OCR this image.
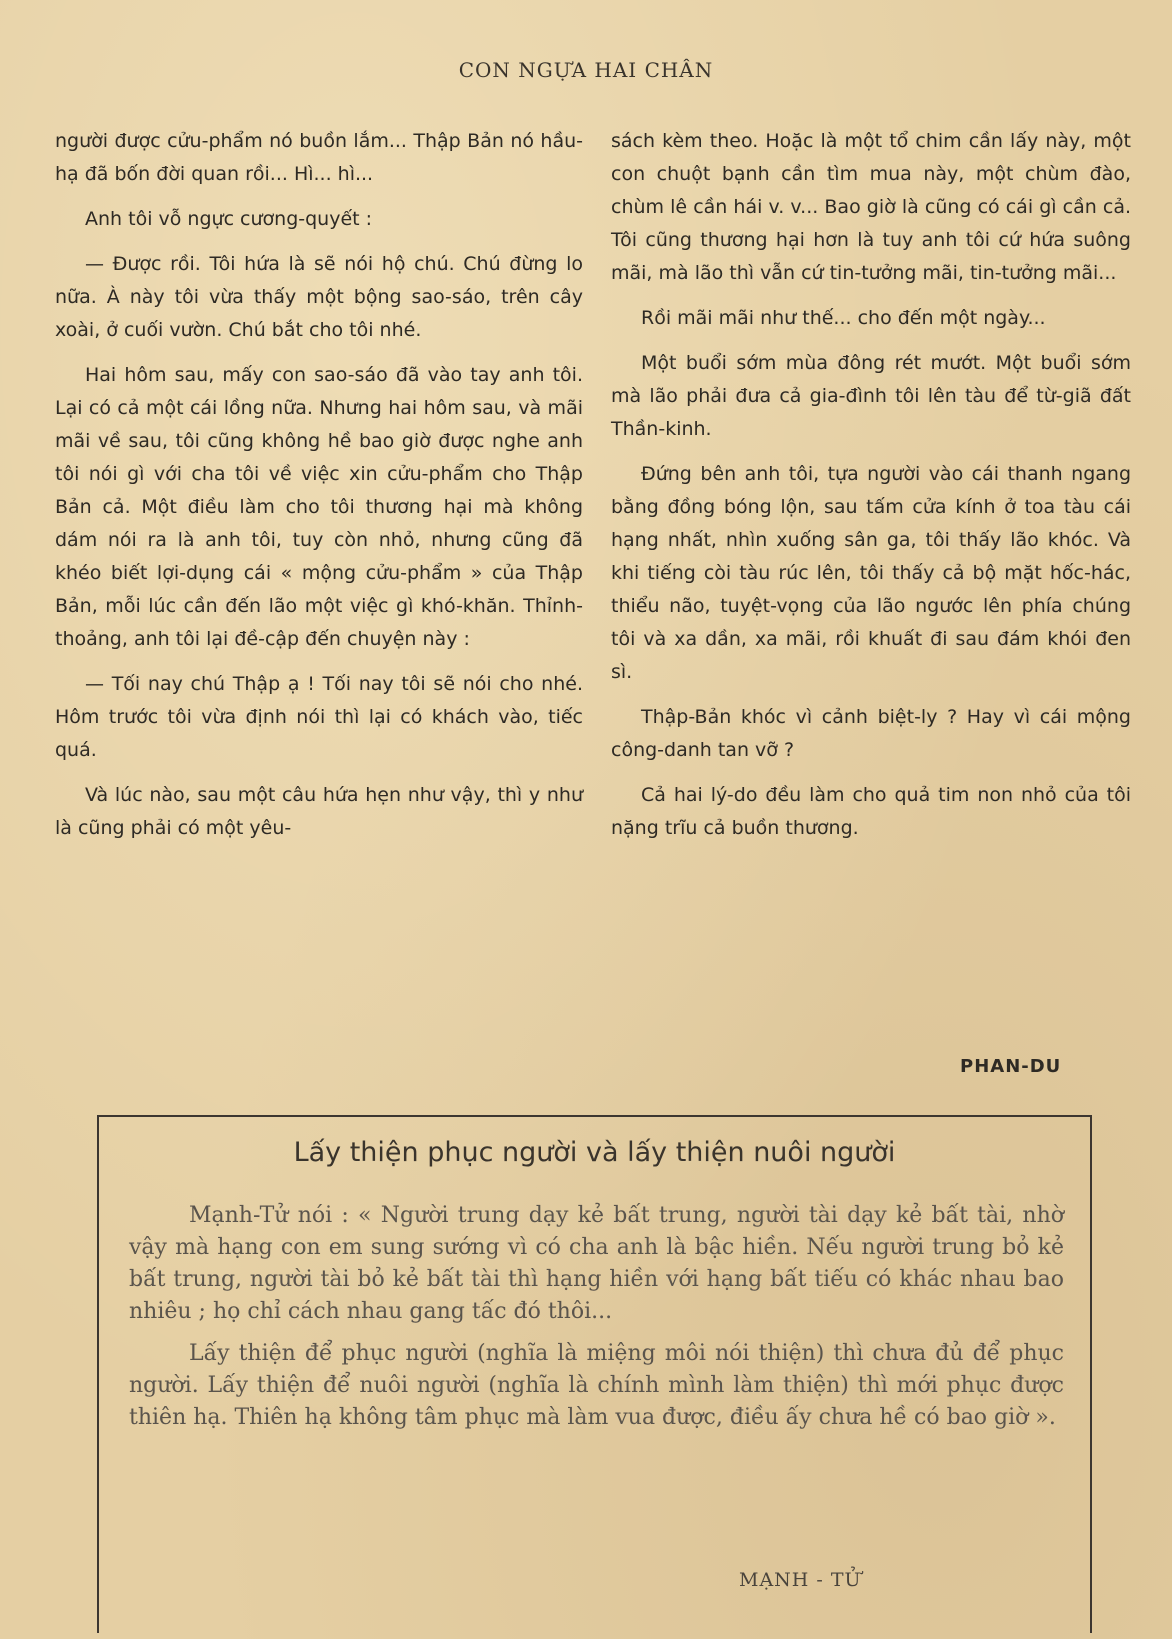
CON NGỰA HAI CHÂN

người được cửu-phẩm nó buồn lắm... Thập Bản nó hầu-hạ đã bốn đời quan rồi... Hì... hì...

Anh tôi vỗ ngực cương-quyết :

— Được rồi. Tôi hứa là sẽ nói hộ chú. Chú đừng lo nữa. À này tôi vừa thấy một bộng sao-sáo, trên cây xoài, ở cuối vườn. Chú bắt cho tôi nhé.

Hai hôm sau, mấy con sao-sáo đã vào tay anh tôi. Lại có cả một cái lồng nữa. Nhưng hai hôm sau, và mãi mãi về sau, tôi cũng không hề bao giờ được nghe anh tôi nói gì với cha tôi về việc xin cửu-phẩm cho Thập Bản cả. Một điều làm cho tôi thương hại mà không dám nói ra là anh tôi, tuy còn nhỏ, nhưng cũng đã khéo biết lợi-dụng cái « mộng cửu-phẩm » của Thập Bản, mỗi lúc cần đến lão một việc gì khó-khăn. Thỉnh-thoảng, anh tôi lại đề-cập đến chuyện này :

— Tối nay chú Thập ạ ! Tối nay tôi sẽ nói cho nhé. Hôm trước tôi vừa định nói thì lại có khách vào, tiếc quá.

Và lúc nào, sau một câu hứa hẹn như vậy, thì y như là cũng phải có một yêu-

sách kèm theo. Hoặc là một tổ chim cần lấy này, một con chuột bạnh cần tìm mua này, một chùm đào, chùm lê cần hái v. v... Bao giờ là cũng có cái gì cần cả. Tôi cũng thương hại hơn là tuy anh tôi cứ hứa suông mãi, mà lão thì vẫn cứ tin-tưởng mãi, tin-tưởng mãi...

Rồi mãi mãi như thế... cho đến một ngày...

Một buổi sớm mùa đông rét mướt. Một buổi sớm mà lão phải đưa cả gia-đình tôi lên tàu để từ-giã đất Thần-kinh.

Đứng bên anh tôi, tựa người vào cái thanh ngang bằng đồng bóng lộn, sau tấm cửa kính ở toa tàu cái hạng nhất, nhìn xuống sân ga, tôi thấy lão khóc. Và khi tiếng còi tàu rúc lên, tôi thấy cả bộ mặt hốc-hác, thiểu não, tuyệt-vọng của lão ngước lên phía chúng tôi và xa dần, xa mãi, rồi khuất đi sau đám khói đen sì.

Thập-Bản khóc vì cảnh biệt-ly ? Hay vì cái mộng công-danh tan vỡ ?

Cả hai lý-do đều làm cho quả tim non nhỏ của tôi nặng trĩu cả buồn thương.

PHAN-DU
Lấy thiện phục người và lấy thiện nuôi người

Mạnh-Tử nói : « Người trung dạy kẻ bất trung, người tài dạy kẻ bất tài, nhờ vậy mà hạng con em sung sướng vì có cha anh là bậc hiền. Nếu người trung bỏ kẻ bất trung, người tài bỏ kẻ bất tài thì hạng hiền với hạng bất tiếu có khác nhau bao nhiêu ; họ chỉ cách nhau gang tấc đó thôi...

Lấy thiện để phục người (nghĩa là miệng môi nói thiện) thì chưa đủ để phục người. Lấy thiện để nuôi người (nghĩa là chính mình làm thiện) thì mới phục được thiên hạ. Thiên hạ không tâm phục mà làm vua được, điều ấy chưa hề có bao giờ ».

MẠNH - TỬ
